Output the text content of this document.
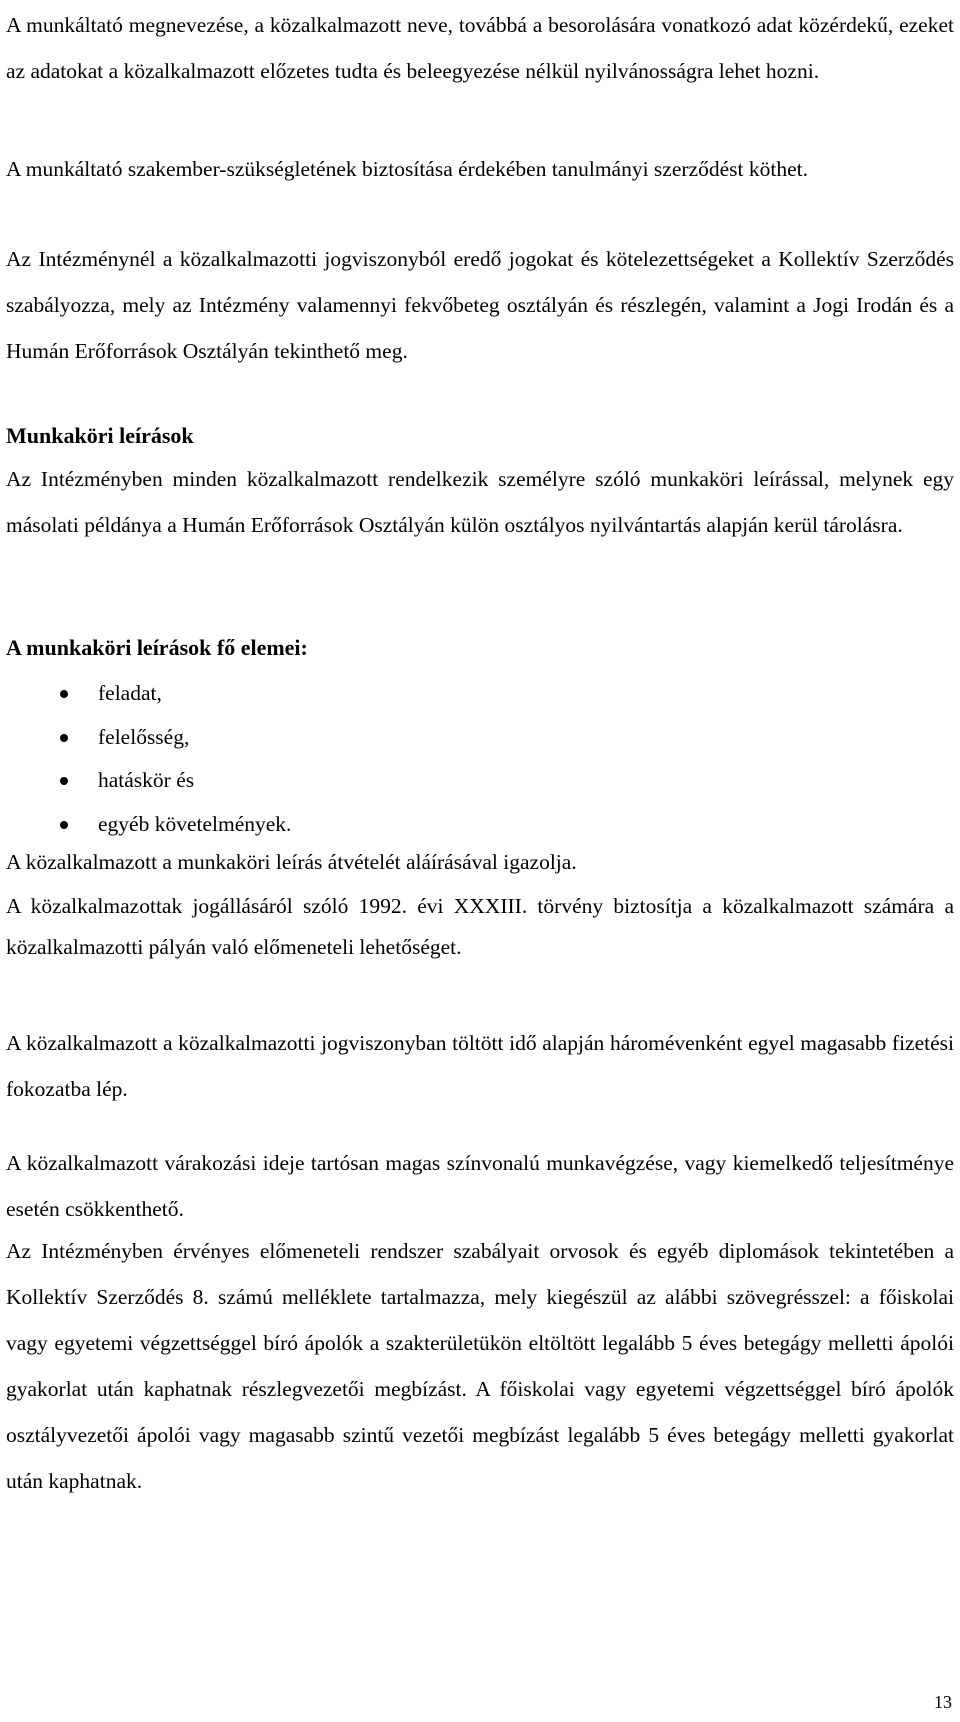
A munkáltató megnevezése, a közalkalmazott neve, továbbá a besorolására vonatkozó adat közérdekű, ezeket az adatokat a közalkalmazott előzetes tudta és beleegyezése nélkül nyilvánosságra lehet hozni.

A munkáltató szakember-szükségletének biztosítása érdekében tanulmányi szerződést köthet.

Az Intézménynél a közalkalmazotti jogviszonyból eredő jogokat és kötelezettségeket a Kollektív Szerződés szabályozza, mely az Intézmény valamennyi fekvőbeteg osztályán és részlegén, valamint a Jogi Irodán és a Humán Erőforrások Osztályán tekinthető meg.

Munkaköri leírások

Az Intézményben minden közalkalmazott rendelkezik személyre szóló munkaköri leírással, melynek egy másolati példánya a Humán Erőforrások Osztályán külön osztályos nyilvántartás alapján kerül tárolásra.

A munkaköri leírások fő elemei:
feladat,
felelősség,
hatáskör és
egyéb követelmények.

A közalkalmazott a munkaköri leírás átvételét aláírásával igazolja.

A közalkalmazottak jogállásáról szóló 1992. évi XXXIII. törvény biztosítja a közalkalmazott számára a közalkalmazotti pályán való előmeneteli lehetőséget.

A közalkalmazott a közalkalmazotti jogviszonyban töltött idő alapján háromévenként egyel magasabb fizetési fokozatba lép.

A közalkalmazott várakozási ideje tartósan magas színvonalú munkavégzése, vagy kiemelkedő teljesítménye esetén csökkenthető.

Az Intézményben érvényes előmeneteli rendszer szabályait orvosok és egyéb diplomások tekintetében a Kollektív Szerződés 8. számú melléklete tartalmazza, mely kiegészül az alábbi szövegrésszel: a főiskolai vagy egyetemi végzettséggel bíró ápolók a szakterületükön eltöltött legalább 5 éves betegágy melletti ápolói gyakorlat után kaphatnak részlegvezetői megbízást. A főiskolai vagy egyetemi végzettséggel bíró ápolók osztályvezetői ápolói vagy magasabb szintű vezetői megbízást legalább 5 éves betegágy melletti gyakorlat után kaphatnak.

13
